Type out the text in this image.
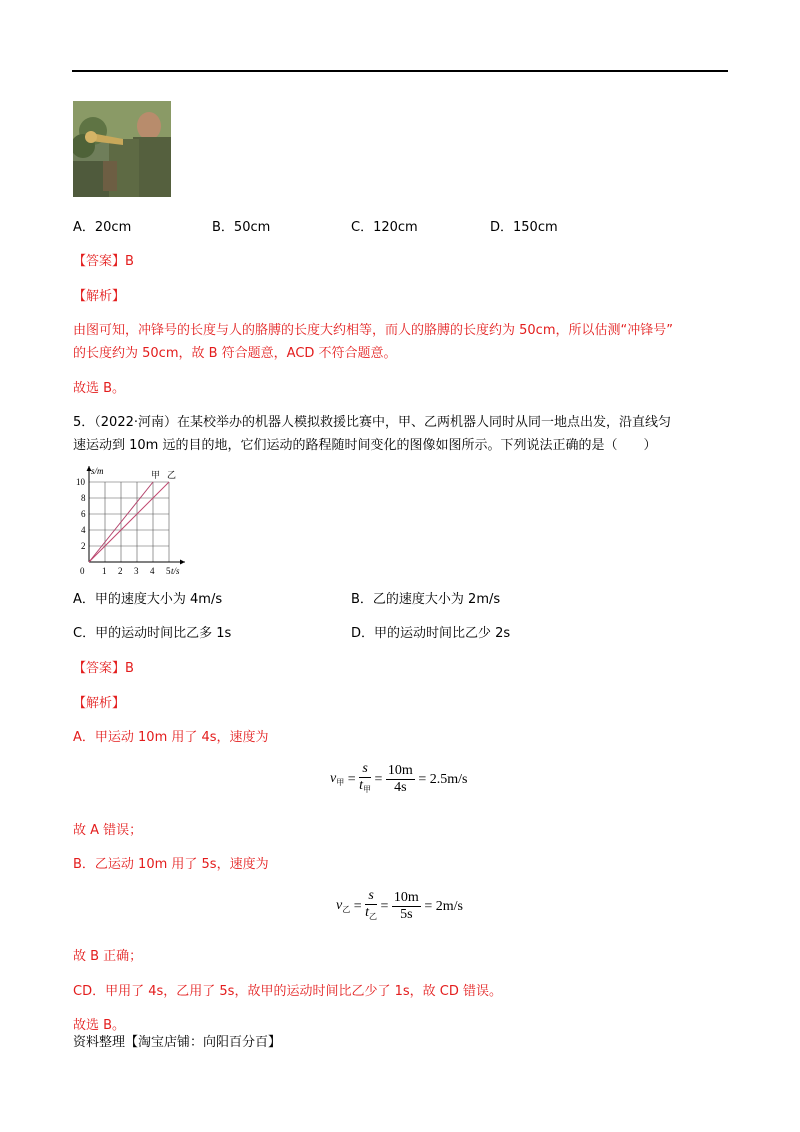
A．20cm	B．50cm	C．120cm	D．150cm
【答案】B
【解析】
由图可知，冲锋号的长度与人的胳膊的长度大约相等，而人的胳膊的长度约为 50cm，所以估测“冲锋号”
的长度约为 50cm，故 B 符合题意，ACD 不符合题意。
故选 B。
5．（2022·河南）在某校举办的机器人模拟救援比赛中，甲、乙两机器人同时从同一地点出发，沿直线匀
速运动到 10m 远的目的地，它们运动的路程随时间变化的图像如图所示。下列说法正确的是（　　）
0 1 2 3 4 5
2
4
6
8
10
s/m
t/s
甲 乙
A．甲的速度大小为 4m/s	B．乙的速度大小为 2m/s
C．甲的运动时间比乙多 1s	D．甲的运动时间比乙少 2s
【答案】B
【解析】
A．甲运动 10m 用了 4s，速度为
$v_甲 = \frac{s}{t_甲} = \frac{10m}{4s} = 2.5m/s$
故 A 错误；
B．乙运动 10m 用了 5s，速度为
$v_乙 = \frac{s}{t_乙} = \frac{10m}{5s} = 2m/s$
故 B 正确；
CD．甲用了 4s，乙用了 5s，故甲的运动时间比乙少了 1s，故 CD 错误。
故选 B。
资料整理【淘宝店铺：向阳百分百】
